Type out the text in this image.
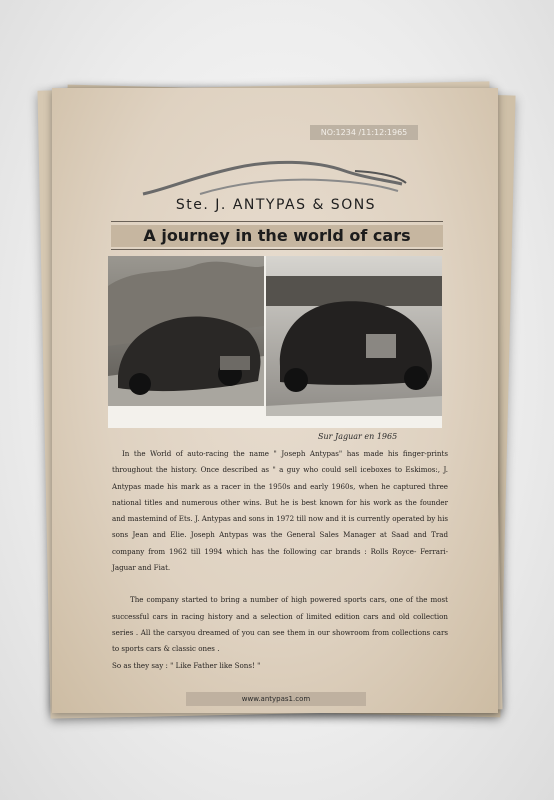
NO:1234 /11:12:1965
Ste. J. ANTYPAS & SONS
A journey in the world of cars
Sur Jaguar en 1965

In the World of auto-racing the name " Joseph Antypas" has made his finger-prints throughout the history. Once described as " a guy who could sell iceboxes to Eskimos:, J. Antypas made his mark as a racer in the 1950s and early 1960s, when he captured three national titles and numerous other wins. But he is best known for his work as the founder and mastemind of Ets. J. Antypas and sons in 1972 till now and it is currently operated by his sons Jean and Elie. Joseph Antypas was the General Sales Manager at Saad and Trad company from 1962 till 1994 which has the following car brands : Rolls Royce- Ferrari- Jaguar and Fiat.

The company started to bring a number of high powered sports cars, one of the most successful cars in racing history and a selection of limited edition cars and old collection series . All the carsyou dreamed of you can see them in our showroom from collections cars to sports cars & classic ones .

So as they say : " Like Father like Sons! "

www.antypas1.com
